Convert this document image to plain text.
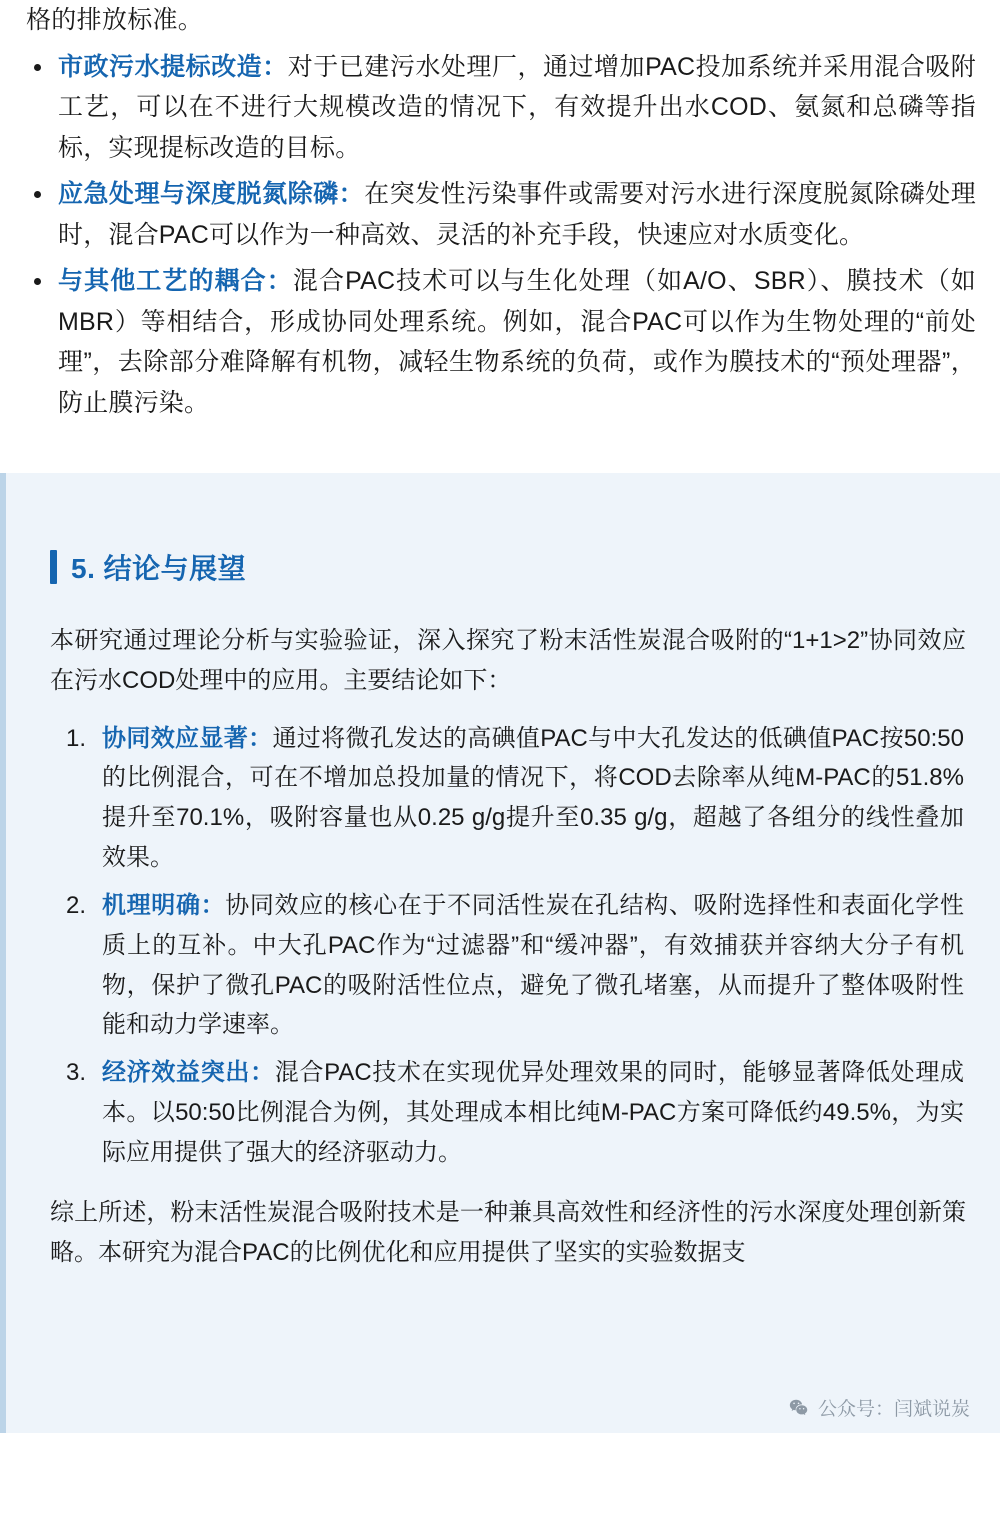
格的排放标准。

市政污水提标改造：对于已建污水处理厂，通过增加PAC投加系统并采用混合吸附工艺，可以在不进行大规模改造的情况下，有效提升出水COD、氨氮和总磷等指标，实现提标改造的目标。
应急处理与深度脱氮除磷：在突发性污染事件或需要对污水进行深度脱氮除磷处理时，混合PAC可以作为一种高效、灵活的补充手段，快速应对水质变化。
与其他工艺的耦合：混合PAC技术可以与生化处理（如A/O、SBR）、膜技术（如MBR）等相结合，形成协同处理系统。例如，混合PAC可以作为生物处理的“前处理”，去除部分难降解有机物，减轻生物系统的负荷，或作为膜技术的“预处理器”，防止膜污染。
5. 结论与展望

本研究通过理论分析与实验验证，深入探究了粉末活性炭混合吸附的“1+1>2”协同效应在污水COD处理中的应用。主要结论如下：

协同效应显著：通过将微孔发达的高碘值PAC与中大孔发达的低碘值PAC按50:50的比例混合，可在不增加总投加量的情况下，将COD去除率从纯M-PAC的51.8%提升至70.1%，吸附容量也从0.25 g/g提升至0.35 g/g，超越了各组分的线性叠加效果。
机理明确：协同效应的核心在于不同活性炭在孔结构、吸附选择性和表面化学性质上的互补。中大孔PAC作为“过滤器”和“缓冲器”，有效捕获并容纳大分子有机物，保护了微孔PAC的吸附活性位点，避免了微孔堵塞，从而提升了整体吸附性能和动力学速率。
经济效益突出：混合PAC技术在实现优异处理效果的同时，能够显著降低处理成本。以50:50比例混合为例，其处理成本相比纯M-PAC方案可降低约49.5%，为实际应用提供了强大的经济驱动力。

综上所述，粉末活性炭混合吸附技术是一种兼具高效性和经济性的污水深度处理创新策略。本研究为混合PAC的比例优化和应用提供了坚实的实验数据支

公众号：闫斌说炭
